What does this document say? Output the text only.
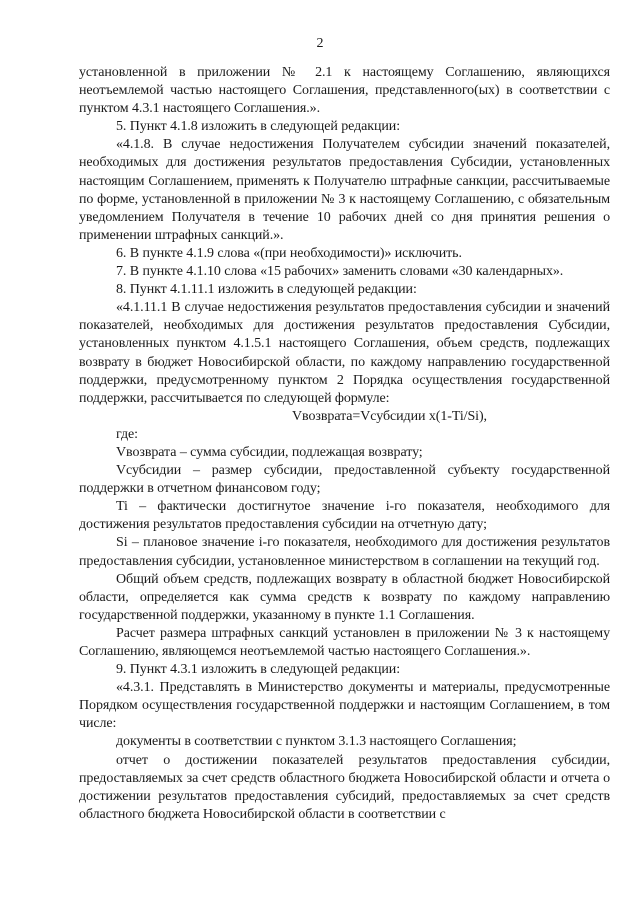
2

установленной в приложении № 2.1 к настоящему Соглашению, являющихся неотъемлемой частью настоящего Соглашения, представленного(ых) в соответствии с пунктом 4.3.1 настоящего Соглашения.».

5. Пункт 4.1.8 изложить в следующей редакции:

«4.1.8. В случае недостижения Получателем субсидии значений показателей, необходимых для достижения результатов предоставления Субсидии, установленных настоящим Соглашением, применять к Получателю штрафные санкции, рассчитываемые по форме, установленной в приложении № 3 к настоящему Соглашению, с обязательным уведомлением Получателя в течение 10 рабочих дней со дня принятия решения о применении штрафных санкций.».

6. В пункте 4.1.9 слова «(при необходимости)» исключить.

7. В пункте 4.1.10 слова «15 рабочих» заменить словами «30 календарных».

8. Пункт 4.1.11.1 изложить в следующей редакции:

«4.1.11.1 В случае недостижения результатов предоставления субсидии и значений показателей, необходимых для достижения результатов предоставления Субсидии, установленных пунктом 4.1.5.1 настоящего Соглашения, объем средств, подлежащих возврату в бюджет Новосибирской области, по каждому направлению государственной поддержки, предусмотренному пунктом 2 Порядка осуществления государственной поддержки, рассчитывается по следующей формуле:

Vвозврата=Vсубсидии x(1-Ti/Si),

где:

Vвозврата – сумма субсидии, подлежащая возврату;

Vсубсидии – размер субсидии, предоставленной субъекту государственной поддержки в отчетном финансовом году;

Ti – фактически достигнутое значение i-го показателя, необходимого для достижения результатов предоставления субсидии на отчетную дату;

Si – плановое значение i-го показателя, необходимого для достижения результатов предоставления субсидии, установленное министерством в соглашении на текущий год.

Общий объем средств, подлежащих возврату в областной бюджет Новосибирской области, определяется как сумма средств к возврату по каждому направлению государственной поддержки, указанному в пункте 1.1 Соглашения.

Расчет размера штрафных санкций установлен в приложении № 3 к настоящему Соглашению, являющемся неотъемлемой частью настоящего Соглашения.».

9. Пункт 4.3.1 изложить в следующей редакции:

«4.3.1. Представлять в Министерство документы и материалы, предусмотренные Порядком осуществления государственной поддержки и настоящим Соглашением, в том числе:

документы в соответствии с пунктом 3.1.3 настоящего Соглашения;

отчет о достижении показателей результатов предоставления субсидии, предоставляемых за счет средств областного бюджета Новосибирской области и отчета о достижении результатов предоставления субсидий, предоставляемых за счет средств областного бюджета Новосибирской области в соответствии с
